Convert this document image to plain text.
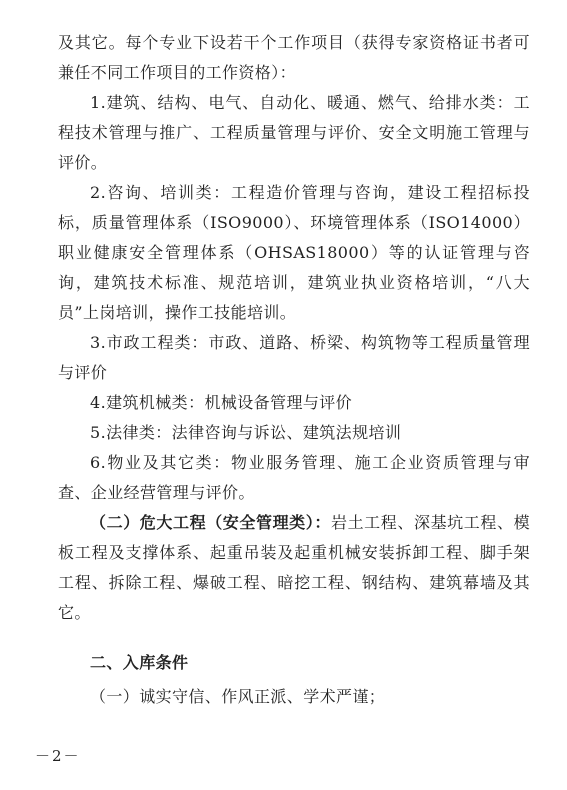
及其它。每个专业下设若干个工作项目（获得专家资格证书者可兼任不同工作项目的工作资格）：

1.建筑、结构、电气、自动化、暖通、燃气、给排水类：工程技术管理与推广、工程质量管理与评价、安全文明施工管理与评价。

2.咨询、培训类：工程造价管理与咨询，建设工程招标投标，质量管理体系（ISO9000）、环境管理体系（ISO14000）职业健康安全管理体系（OHSAS18000）等的认证管理与咨询，建筑技术标准、规范培训，建筑业执业资格培训，“八大员”上岗培训，操作工技能培训。

3.市政工程类：市政、道路、桥梁、构筑物等工程质量管理与评价

4.建筑机械类：机械设备管理与评价

5.法律类：法律咨询与诉讼、建筑法规培训

6.物业及其它类：物业服务管理、施工企业资质管理与审查、企业经营管理与评价。

（二）危大工程（安全管理类）：岩土工程、深基坑工程、模板工程及支撑体系、起重吊装及起重机械安装拆卸工程、脚手架工程、拆除工程、爆破工程、暗挖工程、钢结构、建筑幕墙及其它。

二、入库条件

（一）诚实守信、作风正派、学术严谨；

－2－
